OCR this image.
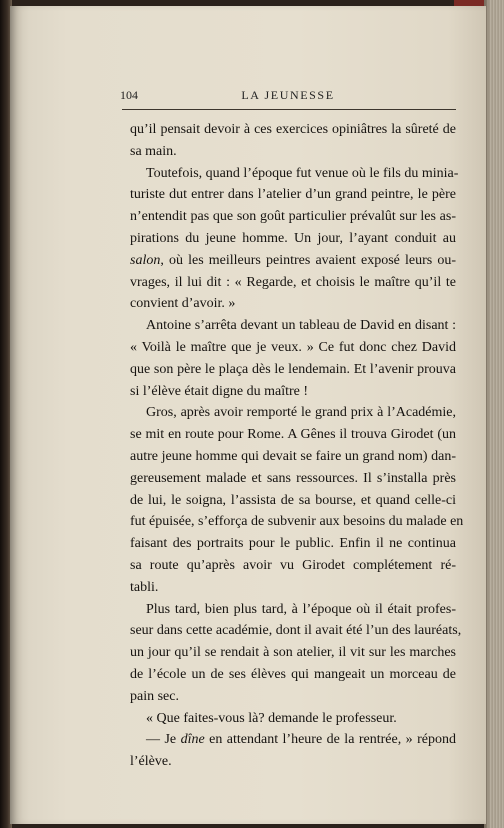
104	LA JEUNESSE
qu’il pensait devoir à ces exercices opiniâtres la sûreté de
sa main.
Toutefois, quand l’époque fut venue où le fils du minia-
turiste dut entrer dans l’atelier d’un grand peintre, le père
n’entendit pas que son goût particulier prévalût sur les as-
pirations du jeune homme. Un jour, l’ayant conduit au
salon, où les meilleurs peintres avaient exposé leurs ou-
vrages, il lui dit : « Regarde, et choisis le maître qu’il te
convient d’avoir. »
Antoine s’arrêta devant un tableau de David en disant :
« Voilà le maître que je veux. » Ce fut donc chez David
que son père le plaça dès le lendemain. Et l’avenir prouva
si l’élève était digne du maître !
Gros, après avoir remporté le grand prix à l’Académie,
se mit en route pour Rome. A Gênes il trouva Girodet (un
autre jeune homme qui devait se faire un grand nom) dan-
gereusement malade et sans ressources. Il s’installa près
de lui, le soigna, l’assista de sa bourse, et quand celle-ci
fut épuisée, s’efforça de subvenir aux besoins du malade en
faisant des portraits pour le public. Enfin il ne continua
sa route qu’après avoir vu Girodet complétement ré-
tabli.
Plus tard, bien plus tard, à l’époque où il était profes-
seur dans cette académie, dont il avait été l’un des lauréats,
un jour qu’il se rendait à son atelier, il vit sur les marches
de l’école un de ses élèves qui mangeait un morceau de
pain sec.
« Que faites-vous là? demande le professeur.
— Je dîne en attendant l’heure de la rentrée, » répond
l’élève.
